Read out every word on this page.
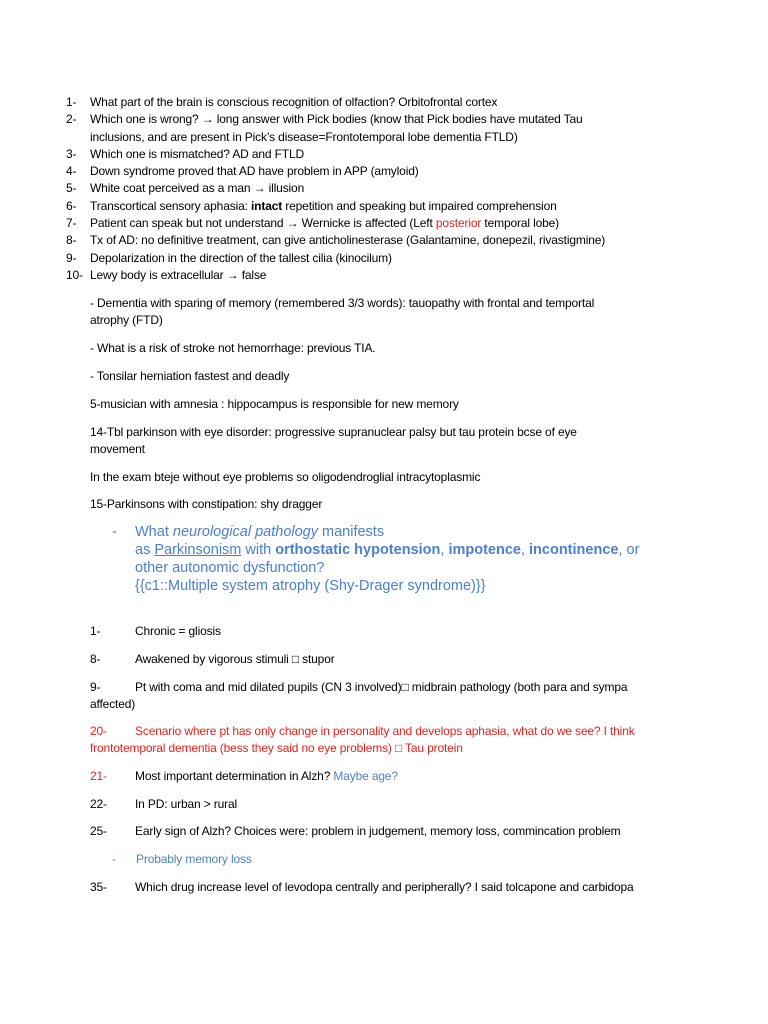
1-	What part of the brain is conscious recognition of olfaction? Orbitofrontal cortex
2-	Which one is wrong? → long answer with Pick bodies (know that Pick bodies have mutated Tau
inclusions, and are present in Pick’s disease=Frontotemporal lobe dementia FTLD)
3-	Which one is mismatched? AD and FTLD
4-	Down syndrome proved that AD have problem in APP (amyloid)
5-	White coat perceived as a man → illusion
6-	Transcortical sensory aphasia: intact repetition and speaking but impaired comprehension
7-	Patient can speak but not understand → Wernicke is affected (Left posterior temporal lobe)
8-	Tx of AD: no definitive treatment, can give anticholinesterase (Galantamine, donepezil, rivastigmine)
9-	Depolarization in the direction of the tallest cilia (kinocilum)
10- Lewy body is extracellular → false
- Dementia with sparing of memory (remembered 3/3 words): tauopathy with frontal and temportal
atrophy (FTD)
- What is a risk of stroke not hemorrhage: previous TIA.
- Tonsilar herniation fastest and deadly
5-musician with amnesia : hippocampus is responsible for new memory
14-Tbl parkinson with eye disorder: progressive supranuclear palsy but tau protein bcse of eye
movement
In the exam bteje without eye problems so oligodendroglial intracytoplasmic
15-Parkinsons with constipation: shy dragger
- What neurological pathology manifests
as Parkinsonism with orthostatic hypotension, impotence, incontinence, or
other autonomic dysfunction?
{{c1::Multiple system atrophy (Shy-Drager syndrome)}}
1-	Chronic = gliosis
8-	Awakened by vigorous stimuli □ stupor
9-	Pt with coma and mid dilated pupils (CN 3 involved)□ midbrain pathology (both para and sympa
affected)
20- Scenario where pt has only change in personality and develops aphasia, what do we see? I think
frontotemporal dementia (bess they said no eye problems) □ Tau protein
21- Most important determination in Alzh? Maybe age?
22- In PD: urban > rural
25- Early sign of Alzh? Choices were: problem in judgement, memory loss, commincation problem
- Probably memory loss
35- Which drug increase level of levodopa centrally and peripherally? I said tolcapone and carbidopa
